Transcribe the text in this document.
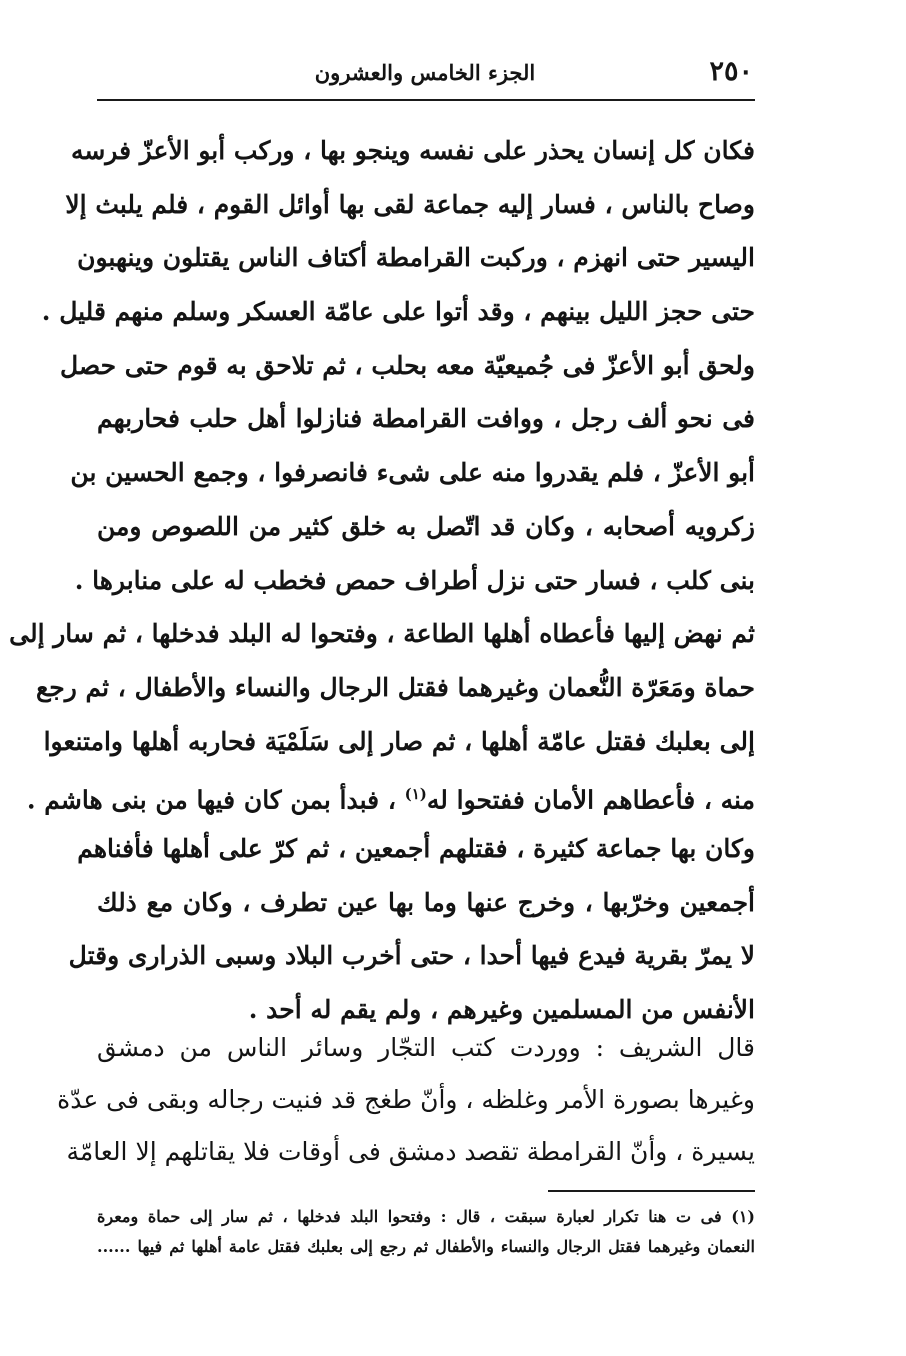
٢٥٠
الجزء الخامس والعشرون
فكان كل إنسان يحذر على نفسه وينجو بها ، وركب أبو الأعزّ فرسه
وصاح بالناس ، فسار إليه جماعة لقى بها أوائل القوم ، فلم يلبث إلا
اليسير حتى انهزم ، وركبت القرامطة أكتاف الناس يقتلون وينهبون
حتى حجز الليل بينهم ، وقد أتوا على عامّة العسكر وسلم منهم قليل .
ولحق أبو الأعزّ فى جُميعيّة معه بحلب ، ثم تلاحق به قوم حتى حصل
فى نحو ألف رجل ، ووافت القرامطة فنازلوا أهل حلب فحاربهم
أبو الأعزّ ، فلم يقدروا منه على شىء فانصرفوا ، وجمع الحسين بن
زكرويه أصحابه ، وكان قد اتّصل به خلق كثير من اللصوص ومن
بنى كلب ، فسار حتى نزل أطراف حمص فخطب له على منابرها .
ثم نهض إليها فأعطاه أهلها الطاعة ، وفتحوا له البلد فدخلها ، ثم سار إلى
حماة ومَعَرّة النُّعمان وغيرهما فقتل الرجال والنساء والأطفال ، ثم رجع
إلى بعلبك فقتل عامّة أهلها ، ثم صار إلى سَلَمْيَة فحاربه أهلها وامتنعوا
منه ، فأعطاهم الأمان ففتحوا له$^{(١)}$ ، فبدأ بمن كان فيها من بنى هاشم .
وكان بها جماعة كثيرة ، فقتلهم أجمعين ، ثم كرّ على أهلها فأفناهم
أجمعين وخرّبها ، وخرج عنها وما بها عين تطرف ، وكان مع ذلك
لا يمرّ بقرية فيدع فيها أحدا ، حتى أخرب البلاد وسبى الذرارى وقتل
الأنفس من المسلمين وغيرهم ، ولم يقم له أحد .
قال الشريف : ووردت كتب التجّار وسائر الناس من دمشق
وغيرها بصورة الأمر وغلظه ، وأنّ طغج قد فنيت رجاله وبقى فى عدّة
يسيرة ، وأنّ القرامطة تقصد دمشق فى أوقات فلا يقاتلهم إلا العامّة
(١) فى ت هنا تكرار لعبارة سبقت ، قال : وفتحوا البلد فدخلها ، ثم سار إلى حماة ومعرة
النعمان وغيرهما فقتل الرجال والنساء والأطفال ثم رجع إلى بعلبك فقتل عامة أهلها ثم فيها ......
